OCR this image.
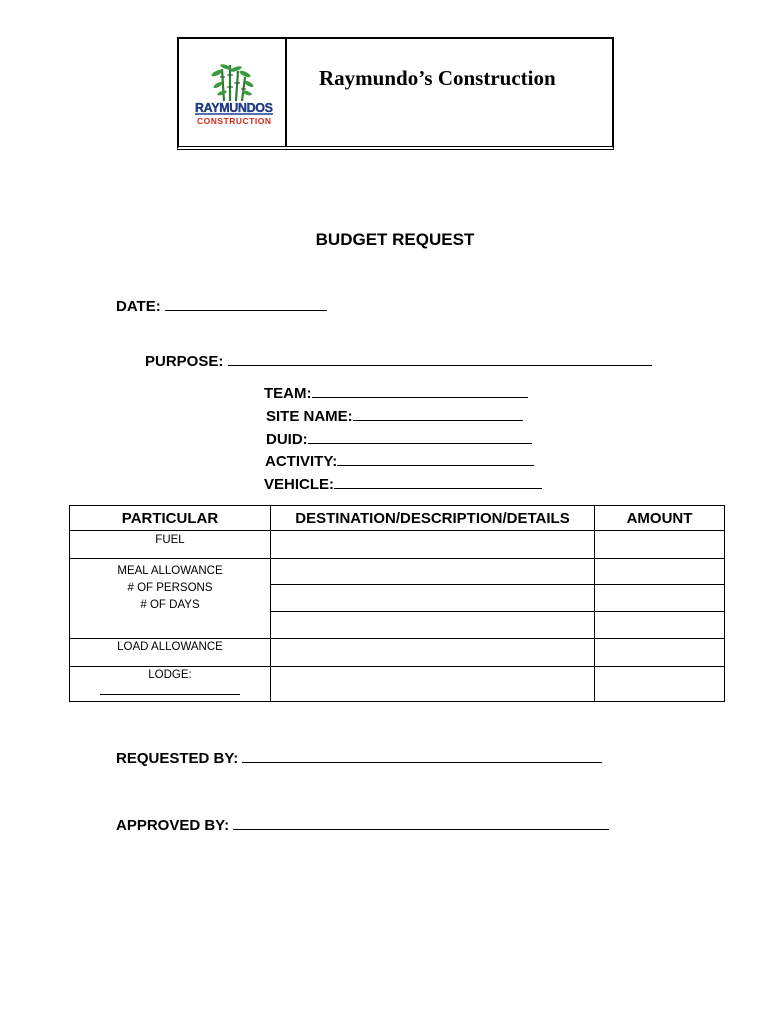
RAYMUNDOS
CONSTRUCTION
Raymundo’s Construction
BUDGET REQUEST
DATE:
PURPOSE:
TEAM:
SITE NAME:
DUID:
ACTIVITY:
VEHICLE:
PARTICULAR	DESTINATION/DESCRIPTION/DETAILS	AMOUNT

FUEL		

MEAL ALLOWANCE
# OF PERSONS
# OF DAYS		

LOAD ALLOWANCE		

LODGE:		

REQUESTED BY:
APPROVED BY:
